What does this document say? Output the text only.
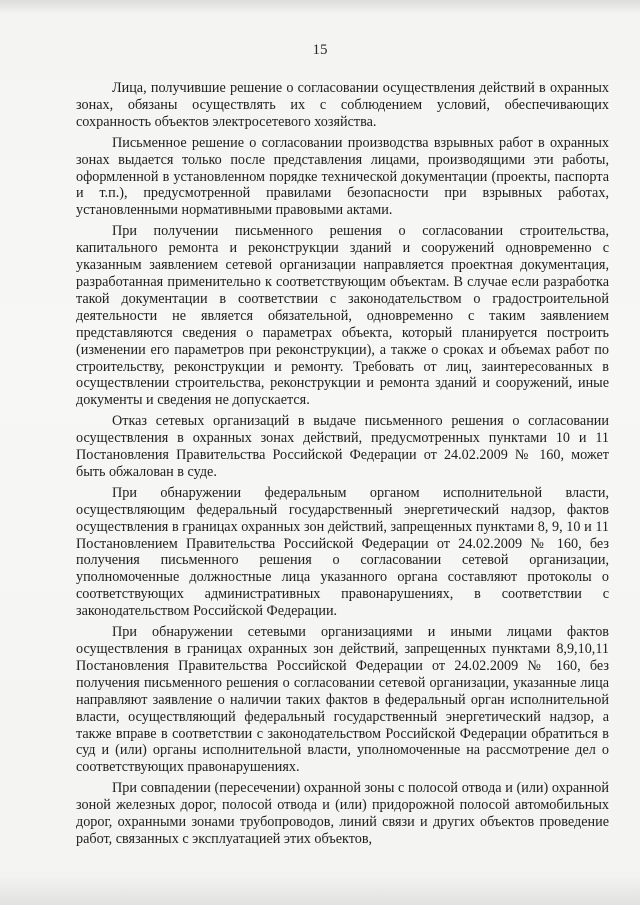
15

Лица, получившие решение о согласовании осуществления действий в охранных зонах, обязаны осуществлять их с соблюдением условий, обеспечивающих сохранность объектов электросетевого хозяйства.

Письменное решение о согласовании производства взрывных работ в охранных зонах выдается только после представления лицами, производящими эти работы, оформленной в установленном порядке технической документации (проекты, паспорта и т.п.), предусмотренной правилами безопасности при взрывных работах, установленными нормативными правовыми актами.

При получении письменного решения о согласовании строительства, капитального ремонта и реконструкции зданий и сооружений одновременно с указанным заявлением сетевой организации направляется проектная документация, разработанная применительно к соответствующим объектам. В случае если разработка такой документации в соответствии с законодательством о градостроительной деятельности не является обязательной, одновременно с таким заявлением представляются сведения о параметрах объекта, который планируется построить (изменении его параметров при реконструкции), а также о сроках и объемах работ по строительству, реконструкции и ремонту. Требовать от лиц, заинтересованных в осуществлении строительства, реконструкции и ремонта зданий и сооружений, иные документы и сведения не допускается.

Отказ сетевых организаций в выдаче письменного решения о согласовании осуществления в охранных зонах действий, предусмотренных пунктами 10 и 11 Постановления Правительства Российской Федерации от 24.02.2009 № 160, может быть обжалован в суде.

При обнаружении федеральным органом исполнительной власти, осуществляющим федеральный государственный энергетический надзор, фактов осуществления в границах охранных зон действий, запрещенных пунктами 8, 9, 10 и 11 Постановлением Правительства Российской Федерации от 24.02.2009 № 160, без получения письменного решения о согласовании сетевой организации, уполномоченные должностные лица указанного органа составляют протоколы о соответствующих административных правонарушениях, в соответствии с законодательством Российской Федерации.

При обнаружении сетевыми организациями и иными лицами фактов осуществления в границах охранных зон действий, запрещенных пунктами 8,9,10,11 Постановления Правительства Российской Федерации от 24.02.2009 № 160, без получения письменного решения о согласовании сетевой организации, указанные лица направляют заявление о наличии таких фактов в федеральный орган исполнительной власти, осуществляющий федеральный государственный энергетический надзор, а также вправе в соответствии с законодательством Российской Федерации обратиться в суд и (или) органы исполнительной власти, уполномоченные на рассмотрение дел о соответствующих правонарушениях.

При совпадении (пересечении) охранной зоны с полосой отвода и (или) охранной зоной железных дорог, полосой отвода и (или) придорожной полосой автомобильных дорог, охранными зонами трубопроводов, линий связи и других объектов проведение работ, связанных с эксплуатацией этих объектов,
